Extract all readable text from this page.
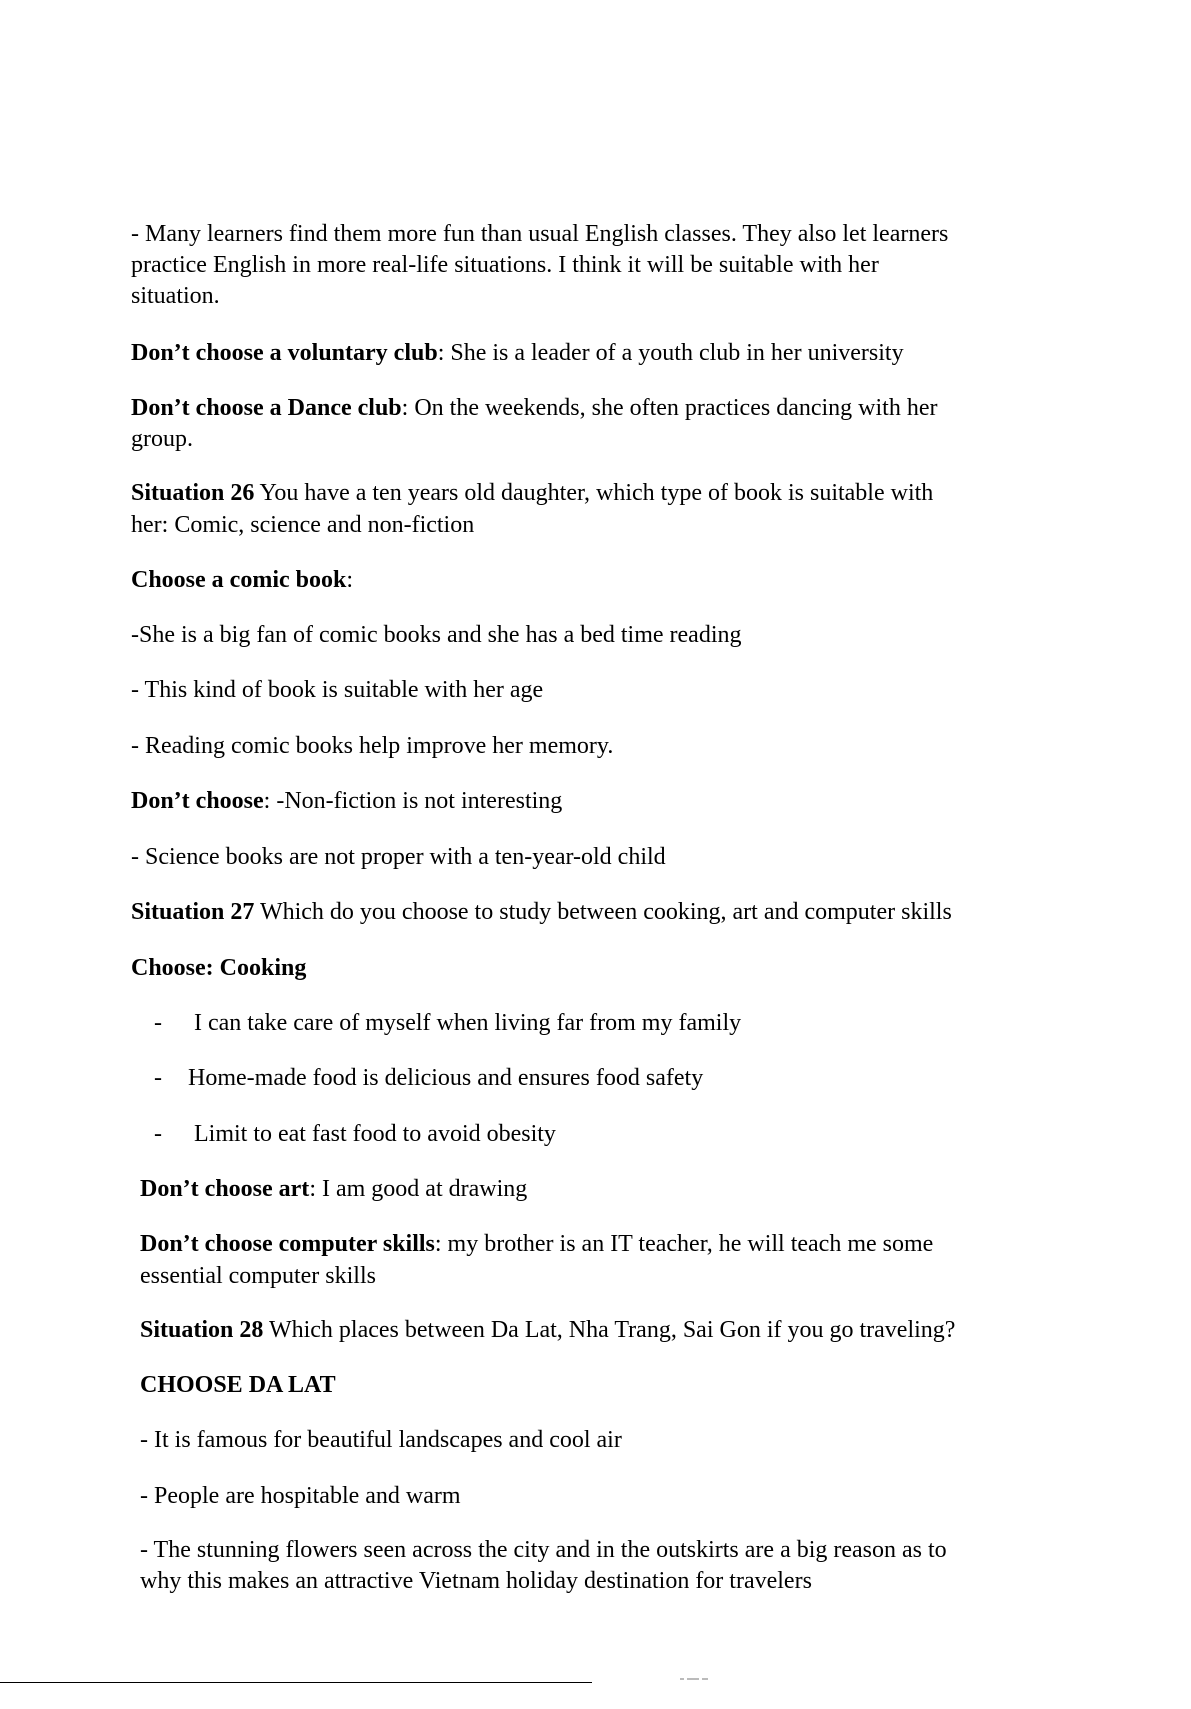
- Many learners find them more fun than usual English classes. They also let learners

practice English in more real-life situations. I think it will be suitable with her

situation.

Don’t choose a voluntary club: She is a leader of a youth club in her university

Don’t choose a Dance club: On the weekends, she often practices dancing with her

group.

Situation 26 You have a ten years old daughter, which type of book is suitable with

her: Comic, science and non-fiction

Choose a comic book:

-She is a big fan of comic books and she has a bed time reading

- This kind of book is suitable with her age

- Reading comic books help improve her memory.

Don’t choose: -Non-fiction is not interesting

- Science books are not proper with a ten-year-old child

Situation 27 Which do you choose to study between cooking, art and computer skills

Choose: Cooking

- I can take care of myself when living far from my family

- Home-made food is delicious and ensures food safety

- Limit to eat fast food to avoid obesity

Don’t choose art: I am good at drawing

Don’t choose computer skills: my brother is an IT teacher, he will teach me some

essential computer skills

Situation 28 Which places between Da Lat, Nha Trang, Sai Gon if you go traveling?

CHOOSE DA LAT

- It is famous for beautiful landscapes and cool air

- People are hospitable and warm

- The stunning flowers seen across the city and in the outskirts are a big reason as to

why this makes an attractive Vietnam holiday destination for travelers
